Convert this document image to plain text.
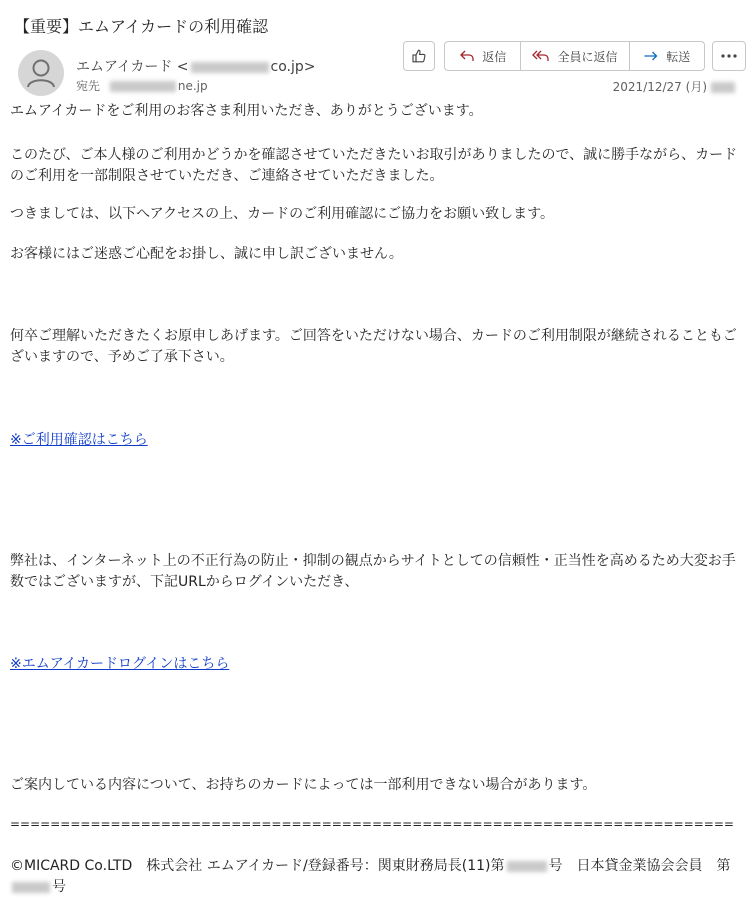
【重要】エムアイカードの利用確認
エムアイカード <	co.jp>
宛先	ne.jp
返信	全員に返信	転送
2021/12/27 (月)
エムアイカードをご利用のお客さま利用いただき、ありがとうございます。
このたび、ご本人様のご利用かどうかを確認させていただきたいお取引がありましたので、誠に勝手ながら、カードのご利用を一部制限させていただき、ご連絡させていただきました。
つきましては、以下へアクセスの上、カードのご利用確認にご協力をお願い致します。
お客様にはご迷惑ご心配をお掛し、誠に申し訳ございません。
何卒ご理解いただきたくお原申しあげます。ご回答をいただけない場合、カードのご利用制限が継続されることもございますので、予めご了承下さい。
※ご利用確認はこちら
弊社は、インターネット上の不正行為の防止・抑制の観点からサイトとしての信頼性・正当性を高めるため大変お手数ではございますが、下記URLからログインいただき、
※エムアイカードログインはこちら
ご案内している内容について、お持ちのカードによっては一部利用できない場合があります。
========================================================================
©MICARD Co.LTD　株式会社 エムアイカード/登録番号：関東財務局長(11)第	号　日本貸金業協会会員　第号
